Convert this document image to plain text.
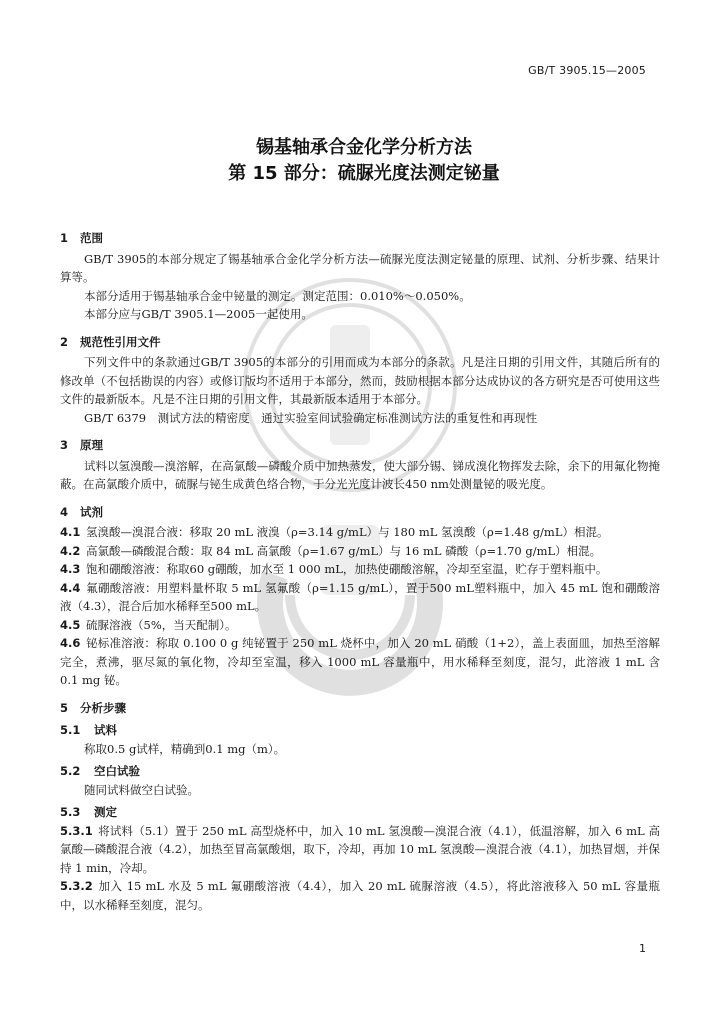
GB/T 3905.15—2005
锡基轴承合金化学分析方法
第 15 部分：硫脲光度法测定铋量
1 范围

GB/T 3905的本部分规定了锡基轴承合金化学分析方法—硫脲光度法测定铋量的原理、试剂、分析步骤、结果计算等。

本部分适用于锡基轴承合金中铋量的测定。测定范围：0.010%～0.050%。

本部分应与GB/T 3905.1—2005一起使用。

2 规范性引用文件

下列文件中的条款通过GB/T 3905的本部分的引用而成为本部分的条款。凡是注日期的引用文件，其随后所有的修改单（不包括勘误的内容）或修订版均不适用于本部分，然而，鼓励根据本部分达成协议的各方研究是否可使用这些文件的最新版本。凡是不注日期的引用文件，其最新版本适用于本部分。

GB/T 6379　测试方法的精密度　通过实验室间试验确定标准测试方法的重复性和再现性

3 原理

试料以氢溴酸—溴溶解，在高氯酸—磷酸介质中加热蒸发，使大部分锡、锑成溴化物挥发去除，余下的用氟化物掩蔽。在高氯酸介质中，硫脲与铋生成黄色络合物，于分光光度计波长450 nm处测量铋的吸光度。

4 试剂

4.1 氢溴酸—溴混合液：移取 20 mL 液溴（ρ=3.14 g/mL）与 180 mL 氢溴酸（ρ=1.48 g/mL）相混。

4.2 高氯酸—磷酸混合酸：取 84 mL 高氯酸（ρ=1.67 g/mL）与 16 mL 磷酸（ρ=1.70 g/mL）相混。

4.3 饱和硼酸溶液：称取60 g硼酸，加水至 1 000 mL，加热使硼酸溶解，冷却至室温，贮存于塑料瓶中。

4.4 氟硼酸溶液：用塑料量杯取 5 mL 氢氟酸（ρ=1.15 g/mL），置于500 mL塑料瓶中，加入 45 mL 饱和硼酸溶液（4.3），混合后加水稀释至500 mL。

4.5 硫脲溶液（5%，当天配制）。

4.6 铋标准溶液：称取 0.100 0 g 纯铋置于 250 mL 烧杯中，加入 20 mL 硝酸（1+2），盖上表面皿，加热至溶解完全，煮沸，驱尽氮的氧化物，冷却至室温，移入 1000 mL 容量瓶中，用水稀释至刻度，混匀，此溶液 1 mL 含 0.1 mg 铋。

5 分析步骤
5.1 试料

称取0.5 g试样，精确到0.1 mg（m）。

5.2 空白试验

随同试料做空白试验。

5.3 测定

5.3.1 将试料（5.1）置于 250 mL 高型烧杯中，加入 10 mL 氢溴酸—溴混合液（4.1），低温溶解，加入 6 mL 高氯酸—磷酸混合液（4.2），加热至冒高氯酸烟，取下，冷却，再加 10 mL 氢溴酸—溴混合液（4.1），加热冒烟，并保持 1 min，冷却。

5.3.2 加入 15 mL 水及 5 mL 氟硼酸溶液（4.4），加入 20 mL 硫脲溶液（4.5），将此溶液移入 50 mL 容量瓶中，以水稀释至刻度，混匀。

1
